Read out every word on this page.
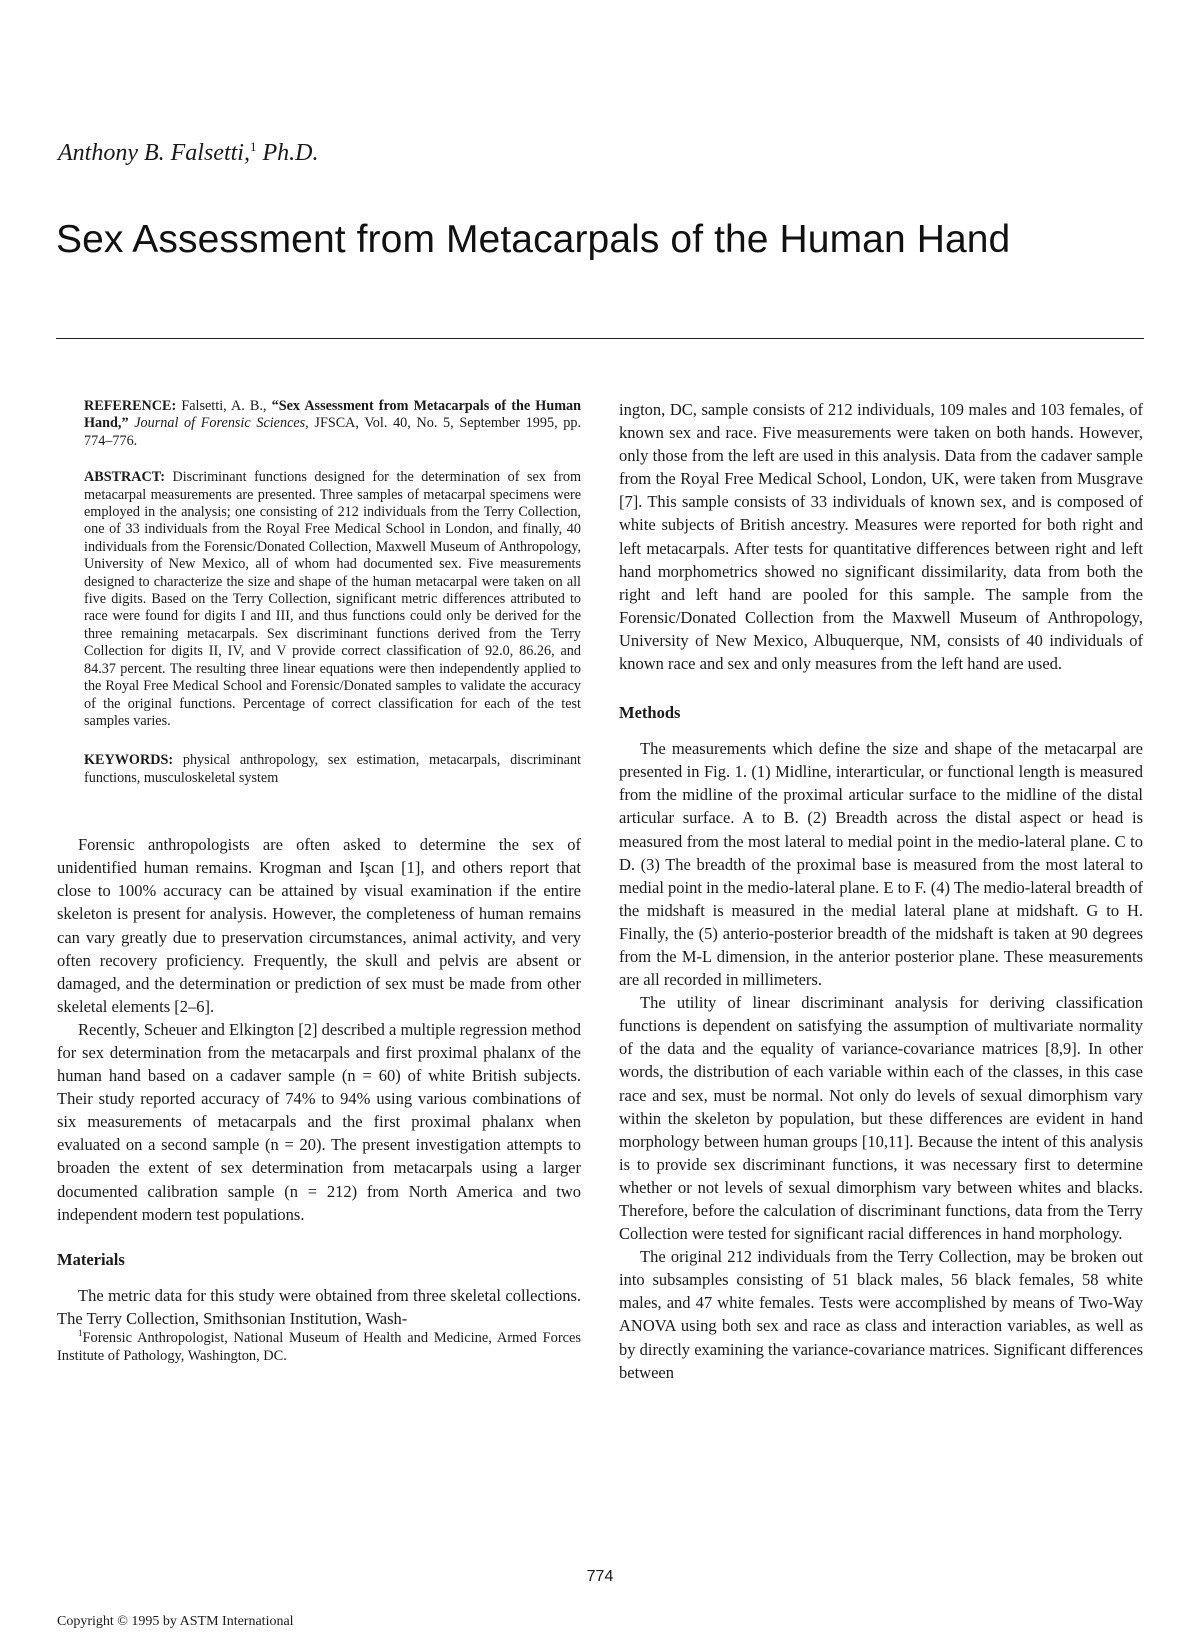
Anthony B. Falsetti,$^1$ Ph.D.
Sex Assessment from Metacarpals of the Human Hand

REFERENCE: Falsetti, A. B., “Sex Assessment from Metacarpals of the Human Hand,” Journal of Forensic Sciences, JFSCA, Vol. 40, No. 5, September 1995, pp. 774–776.

ABSTRACT: Discriminant functions designed for the determination of sex from metacarpal measurements are presented. Three samples of metacarpal specimens were employed in the analysis; one consisting of 212 individuals from the Terry Collection, one of 33 individuals from the Royal Free Medical School in London, and finally, 40 individuals from the Forensic/Donated Collection, Maxwell Museum of Anthropology, University of New Mexico, all of whom had documented sex. Five measurements designed to characterize the size and shape of the human metacarpal were taken on all five digits. Based on the Terry Collection, significant metric differences attributed to race were found for digits I and III, and thus functions could only be derived for the three remaining metacarpals. Sex discriminant functions derived from the Terry Collection for digits II, IV, and V provide correct classification of 92.0, 86.26, and 84.37 percent. The resulting three linear equations were then independently applied to the Royal Free Medical School and Forensic/Donated samples to validate the accuracy of the original functions. Percentage of correct classification for each of the test samples varies.

KEYWORDS: physical anthropology, sex estimation, metacarpals, discriminant functions, musculoskeletal system

Forensic anthropologists are often asked to determine the sex of unidentified human remains. Krogman and Işcan [1], and others report that close to 100% accuracy can be attained by visual examination if the entire skeleton is present for analysis. However, the completeness of human remains can vary greatly due to preservation circumstances, animal activity, and very often recovery proficiency. Frequently, the skull and pelvis are absent or damaged, and the determination or prediction of sex must be made from other skeletal elements [2–6].

Recently, Scheuer and Elkington [2] described a multiple regression method for sex determination from the metacarpals and first proximal phalanx of the human hand based on a cadaver sample (n = 60) of white British subjects. Their study reported accuracy of 74% to 94% using various combinations of six measurements of metacarpals and the first proximal phalanx when evaluated on a second sample (n = 20). The present investigation attempts to broaden the extent of sex determination from metacarpals using a larger documented calibration sample (n = 212) from North America and two independent modern test populations.

Materials

The metric data for this study were obtained from three skeletal collections. The Terry Collection, Smithsonian Institution, Wash-

$^1$Forensic Anthropologist, National Museum of Health and Medicine, Armed Forces Institute of Pathology, Washington, DC.

ington, DC, sample consists of 212 individuals, 109 males and 103 females, of known sex and race. Five measurements were taken on both hands. However, only those from the left are used in this analysis. Data from the cadaver sample from the Royal Free Medical School, London, UK, were taken from Musgrave [7]. This sample consists of 33 individuals of known sex, and is composed of white subjects of British ancestry. Measures were reported for both right and left metacarpals. After tests for quantitative differences between right and left hand morphometrics showed no significant dissimilarity, data from both the right and left hand are pooled for this sample. The sample from the Forensic/Donated Collection from the Maxwell Museum of Anthropology, University of New Mexico, Albuquerque, NM, consists of 40 individuals of known race and sex and only measures from the left hand are used.

Methods

The measurements which define the size and shape of the metacarpal are presented in Fig. 1. (1) Midline, interarticular, or functional length is measured from the midline of the proximal articular surface to the midline of the distal articular surface. A to B. (2) Breadth across the distal aspect or head is measured from the most lateral to medial point in the medio-lateral plane. C to D. (3) The breadth of the proximal base is measured from the most lateral to medial point in the medio-lateral plane. E to F. (4) The medio-lateral breadth of the midshaft is measured in the medial lateral plane at midshaft. G to H. Finally, the (5) anterio-posterior breadth of the midshaft is taken at 90 degrees from the M-L dimension, in the anterior posterior plane. These measurements are all recorded in millimeters.

The utility of linear discriminant analysis for deriving classification functions is dependent on satisfying the assumption of multivariate normality of the data and the equality of variance-covariance matrices [8,9]. In other words, the distribution of each variable within each of the classes, in this case race and sex, must be normal. Not only do levels of sexual dimorphism vary within the skeleton by population, but these differences are evident in hand morphology between human groups [10,11]. Because the intent of this analysis is to provide sex discriminant functions, it was necessary first to determine whether or not levels of sexual dimorphism vary between whites and blacks. Therefore, before the calculation of discriminant functions, data from the Terry Collection were tested for significant racial differences in hand morphology.

The original 212 individuals from the Terry Collection, may be broken out into subsamples consisting of 51 black males, 56 black females, 58 white males, and 47 white females. Tests were accomplished by means of Two-Way ANOVA using both sex and race as class and interaction variables, as well as by directly examining the variance-covariance matrices. Significant differences between

774
Copyright © 1995 by ASTM International
